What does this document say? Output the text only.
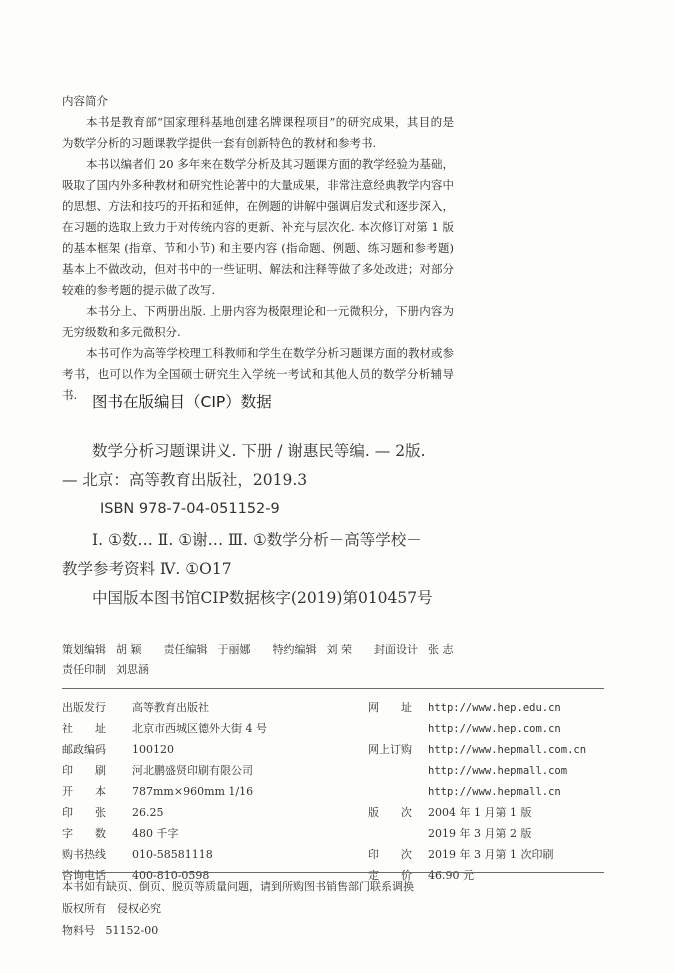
内容简介

本书是教育部“国家理科基地创建名牌课程项目”的研究成果，其目的是为数学分析的习题课教学提供一套有创新特色的教材和参考书.

本书以编者们 20 多年来在数学分析及其习题课方面的教学经验为基础，吸取了国内外多种教材和研究性论著中的大量成果，非常注意经典教学内容中的思想、方法和技巧的开拓和延伸，在例题的讲解中强调启发式和逐步深入，在习题的选取上致力于对传统内容的更新、补充与层次化. 本次修订对第 1 版的基本框架 (指章、节和小节) 和主要内容 (指命题、例题、练习题和参考题) 基本上不做改动，但对书中的一些证明、解法和注释等做了多处改进；对部分较难的参考题的提示做了改写.

本书分上、下两册出版. 上册内容为极限理论和一元微积分，下册内容为无穷级数和多元微积分.

本书可作为高等学校理工科教师和学生在数学分析习题课方面的教材或参考书，也可以作为全国硕士研究生入学统一考试和其他人员的数学分析辅导书. 图书在版编目（CIP）数据
数学分析习题课讲义. 下册 / 谢惠民等编. — 2版.
— 北京：高等教育出版社，2019.3
ISBN 978-7-04-051152-9
Ⅰ. ①数… Ⅱ. ①谢… Ⅲ. ①数学分析－高等学校－
教学参考资料 Ⅳ. ①O17
中国版本图书馆CIP数据核字(2019)第010457号
策划编辑 胡 颖 责任编辑 于丽娜 特约编辑 刘 荣 封面设计 张 志
责任印制 刘思涵
出版发行 高等教育出版社
社　　址 北京市西城区德外大街 4 号
邮政编码 100120
印　　刷 河北鹏盛贤印刷有限公司
开　　本 787mm×960mm 1/16
印　　张 26.25
字　　数 480 千字
购书热线 010-58581118
咨询电话 400-810-0598
网　　址 http://www.hep.edu.cn
http://www.hep.com.cn
网上订购 http://www.hepmall.com.cn
http://www.hepmall.com
http://www.hepmall.cn
版　　次 2004 年 1 月第 1 版
2019 年 3 月第 2 版
印　　次 2019 年 3 月第 1 次印刷
定　　价 46.90 元
本书如有缺页、倒页、脱页等质量问题，请到所购图书销售部门联系调换
版权所有　侵权必究
物料号 51152-00
